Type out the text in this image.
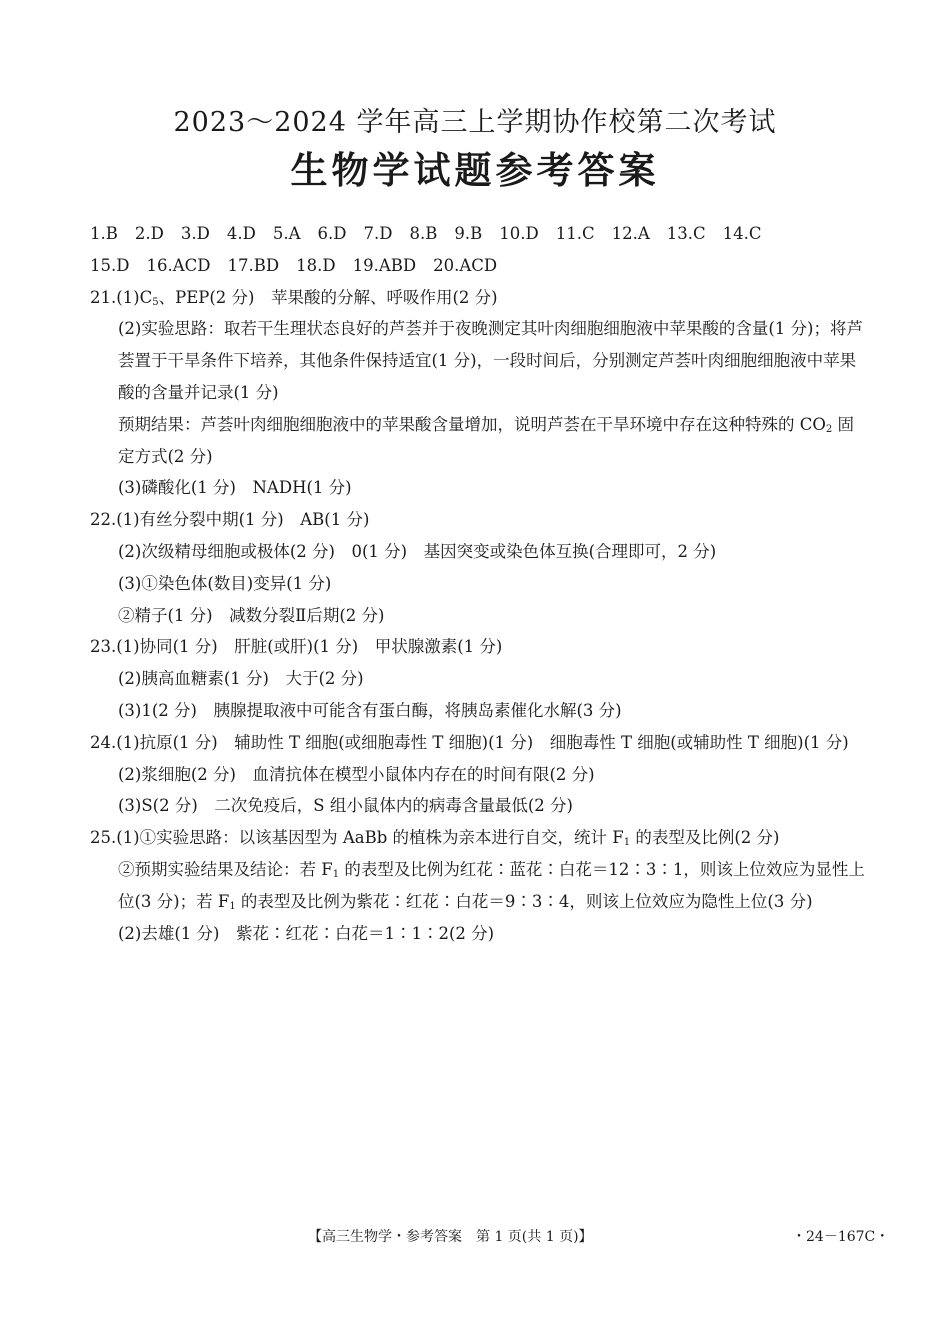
2023～2024 学年高三上学期协作校第二次考试
生物学试题参考答案
1.B 2.D 3.D 4.D 5.A 6.D 7.D 8.B 9.B 10.D 11.C 12.A 13.C 14.C
15.D 16.ACD 17.BD 18.D 19.ABD 20.ACD
$21.(1)C_5$、PEP(2 分)　苹果酸的分解、呼吸作用(2 分)
(2)实验思路：取若干生理状态良好的芦荟并于夜晚测定其叶肉细胞细胞液中苹果酸的含量(1 分)；将芦荟置于干旱条件下培养，其他条件保持适宜(1 分)，一段时间后，分别测定芦荟叶肉细胞细胞液中苹果酸的含量并记录(1 分)
预期结果：芦荟叶肉细胞细胞液中的苹果酸含量增加，说明芦荟在干旱环境中存在这种特殊的 $CO_2$ 固定方式(2 分)
(3)磷酸化(1 分)　NADH(1 分)
22.(1)有丝分裂中期(1 分)　AB(1 分)
(2)次级精母细胞或极体(2 分)　0(1 分)　基因突变或染色体互换(合理即可，2 分)
(3)①染色体(数目)变异(1 分)
②精子(1 分)　减数分裂Ⅱ后期(2 分)
23.(1)协同(1 分)　肝脏(或肝)(1 分)　甲状腺激素(1 分)
(2)胰高血糖素(1 分)　大于(2 分)
(3)1(2 分)　胰腺提取液中可能含有蛋白酶，将胰岛素催化水解(3 分)
24.(1)抗原(1 分)　辅助性 T 细胞(或细胞毒性 T 细胞)(1 分)　细胞毒性 T 细胞(或辅助性 T 细胞)(1 分)
(2)浆细胞(2 分)　血清抗体在模型小鼠体内存在的时间有限(2 分)
(3)S(2 分)　二次免疫后，S 组小鼠体内的病毒含量最低(2 分)
25.(1)①实验思路：以该基因型为 AaBb 的植株为亲本进行自交，统计 $F_1$ 的表型及比例(2 分)
②预期实验结果及结论：若 $F_1$ 的表型及比例为红花∶蓝花∶白花＝12∶3∶1，则该上位效应为显性上位(3 分)；若 $F_1$ 的表型及比例为紫花∶红花∶白花＝9∶3∶4，则该上位效应为隐性上位(3 分)
(2)去雄(1 分)　紫花∶红花∶白花＝1∶1∶2(2 分)
【高三生物学・参考答案　第 1 页(共 1 页)】	・24－167C・
